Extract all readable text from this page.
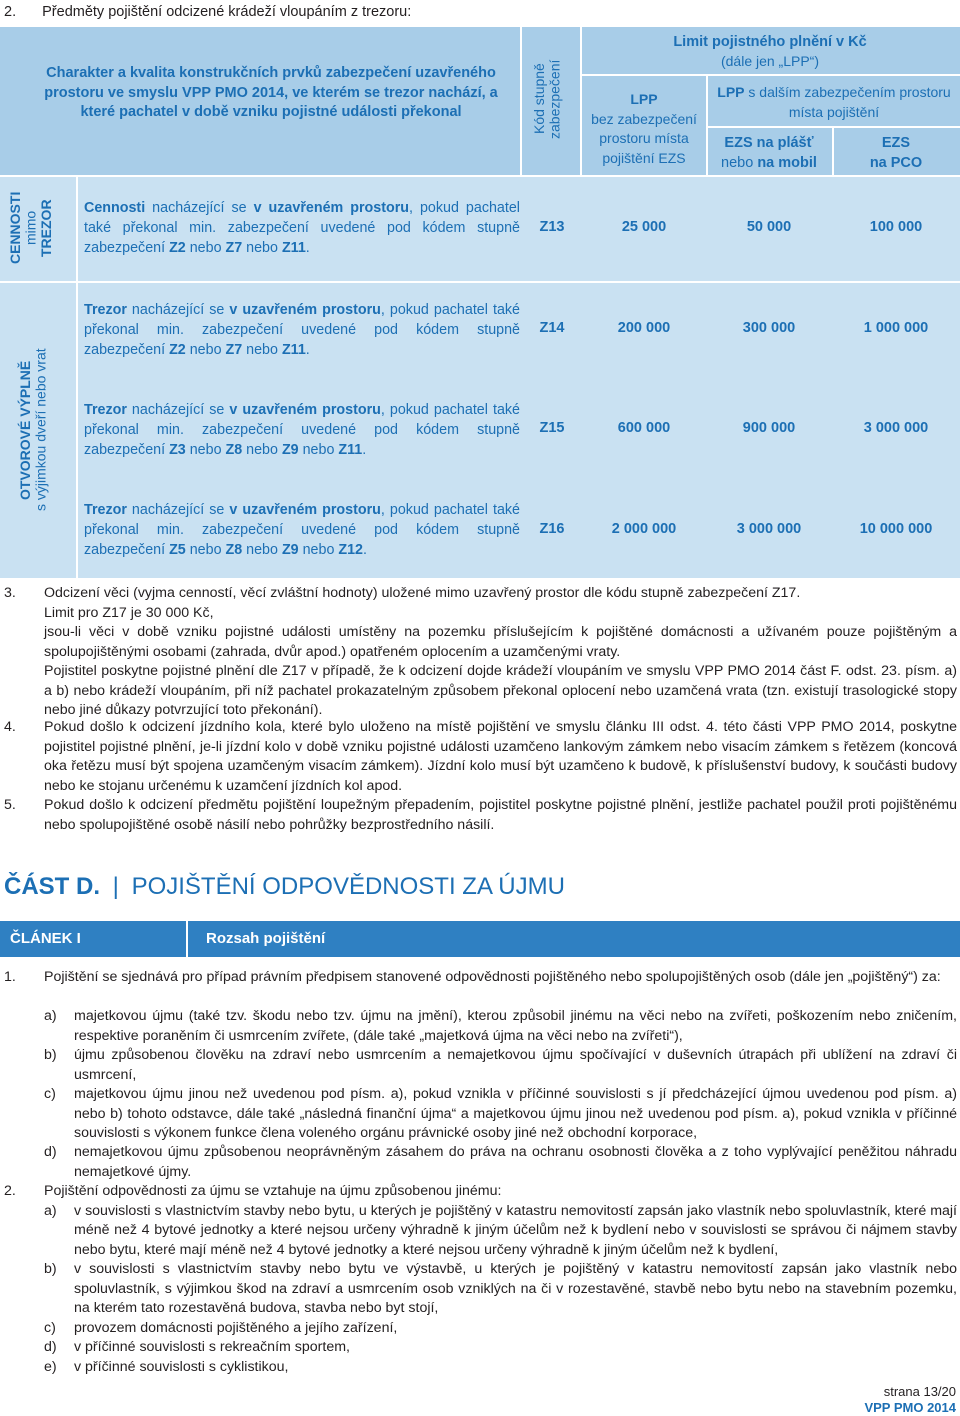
2. Předměty pojištění odcizené krádeží vloupáním z trezoru:
Charakter a kvalita konstrukčních prvků zabezpečení uzavřeného prostoru ve smyslu VPP PMO 2014, ve kterém se trezor nachází, a které pachatel v době vzniku pojistné události překonal	Kód stupně
zabezpečení
Limit pojistného plnění v Kč
(dále jen „LPP“)
LPP
bez zabezpečení prostoru místa pojištění EZS
LPP s dalším zabezpečením prostoru místa pojištění
EZS na plášť
nebo na mobil
EZS
na PCO
CENNOSTI
mimo
TREZOR
OTVOROVÉ VÝPLNĚ
s výjimkou dveří nebo vrat
Cennosti nacházející se v uzavřeném prostoru, pokud pachatel také překonal min. zabezpečení uvedené pod kódem stupně zabezpečení Z2 nebo Z7 nebo Z11.
Z13	25 000	50 000	100 000
Trezor nacházející se v uzavřeném prostoru, pokud pachatel také překonal min. zabezpečení uvedené pod kódem stupně zabezpečení Z2 nebo Z7 nebo Z11.
Z14	200 000	300 000	1 000 000
Trezor nacházející se v uzavřeném prostoru, pokud pachatel také překonal min. zabezpečení uvedené pod kódem stupně zabezpečení Z3 nebo Z8 nebo Z9 nebo Z11.
Z15	600 000	900 000	3 000 000
Trezor nacházející se v uzavřeném prostoru, pokud pachatel také překonal min. zabezpečení uvedené pod kódem stupně zabezpečení Z5 nebo Z8 nebo Z9 nebo Z12.
Z16	2 000 000	3 000 000	10 000 000
3. Odcizení věci (vyjma cenností, věcí zvláštní hodnoty) uložené mimo uzavřený prostor dle kódu stupně zabezpečení Z17.
Limit pro Z17 je 30 000 Kč,
jsou-li věci v době vzniku pojistné události umístěny na pozemku příslušejícím k pojištěné domácnosti a užívaném pouze pojištěným a spolupojištěnými osobami (zahrada, dvůr apod.) opatřeném oplocením a uzamčenými vraty.
Pojistitel poskytne pojistné plnění dle Z17 v případě, že k odcizení dojde krádeží vloupáním ve smyslu VPP PMO 2014 část F. odst. 23. písm. a) a b) nebo krádeží vloupáním, při níž pachatel prokazatelným způsobem překonal oplocení nebo uzamčená vrata (tzn. existují trasologické stopy nebo jiné důkazy potvrzující toto překonání).
4. Pokud došlo k odcizení jízdního kola, které bylo uloženo na místě pojištění ve smyslu článku III odst. 4. této části VPP PMO 2014, poskytne pojistitel pojistné plnění, je-li jízdní kolo v době vzniku pojistné události uzamčeno lankovým zámkem nebo visacím zámkem s řetězem (koncová oka řetězu musí být spojena uzamčeným visacím zámkem). Jízdní kolo musí být uzamčeno k budově, k příslušenství budovy, k součásti budovy nebo ke stojanu určenému k uzamčení jízdních kol apod.
5. Pokud došlo k odcizení předmětu pojištění loupežným přepadením, pojistitel poskytne pojistné plnění, jestliže pachatel použil proti pojištěnému nebo spolupojištěné osobě násilí nebo pohrůžky bezprostředního násilí.
ČÁST D. | POJIŠTĚNÍ ODPOVĚDNOSTI ZA ÚJMU
ČLÁNEK I	Rozsah pojištění
1. Pojištění se sjednává pro případ právním předpisem stanovené odpovědnosti pojištěného nebo spolupojištěných osob (dále jen „pojištěný“) za:
a) majetkovou újmu (také tzv. škodu nebo tzv. újmu na jmění), kterou způsobil jinému na věci nebo na zvířeti, poškozením nebo zničením, respektive poraněním či usmrcením zvířete, (dále také „majetková újma na věci nebo na zvířeti“),
b) újmu způsobenou člověku na zdraví nebo usmrcením a nemajetkovou újmu spočívající v duševních útrapách při ublížení na zdraví či usmrcení,
c) majetkovou újmu jinou než uvedenou pod písm. a), pokud vznikla v příčinné souvislosti s jí předcházející újmou uvedenou pod písm. a) nebo b) tohoto odstavce, dále také „následná finanční újma“ a majetkovou újmu jinou než uvedenou pod písm. a), pokud vznikla v příčinné souvislosti s výkonem funkce člena voleného orgánu právnické osoby jiné než obchodní korporace,
d) nemajetkovou újmu způsobenou neoprávněným zásahem do práva na ochranu osobnosti člověka a z toho vyplývající peněžitou náhradu nemajetkové újmy.
2. Pojištění odpovědnosti za újmu se vztahuje na újmu způsobenou jinému:
a) v souvislosti s vlastnictvím stavby nebo bytu, u kterých je pojištěný v katastru nemovitostí zapsán jako vlastník nebo spoluvlastník, které mají méně než 4 bytové jednotky a které nejsou určeny výhradně k jiným účelům než k bydlení nebo v souvislosti se správou či nájmem stavby nebo bytu, které mají méně než 4 bytové jednotky a které nejsou určeny výhradně k jiným účelům než k bydlení,
b) v souvislosti s vlastnictvím stavby nebo bytu ve výstavbě, u kterých je pojištěný v katastru nemovitostí zapsán jako vlastník nebo spoluvlastník, s výjimkou škod na zdraví a usmrcením osob vzniklých na či v rozestavěné, stavbě nebo bytu nebo na stavebním pozemku, na kterém tato rozestavěná budova, stavba nebo byt stojí,
c) provozem domácnosti pojištěného a jejího zařízení,
d) v příčinné souvislosti s rekreačním sportem,
e) v příčinné souvislosti s cyklistikou,
strana 13/20
VPP PMO 2014
